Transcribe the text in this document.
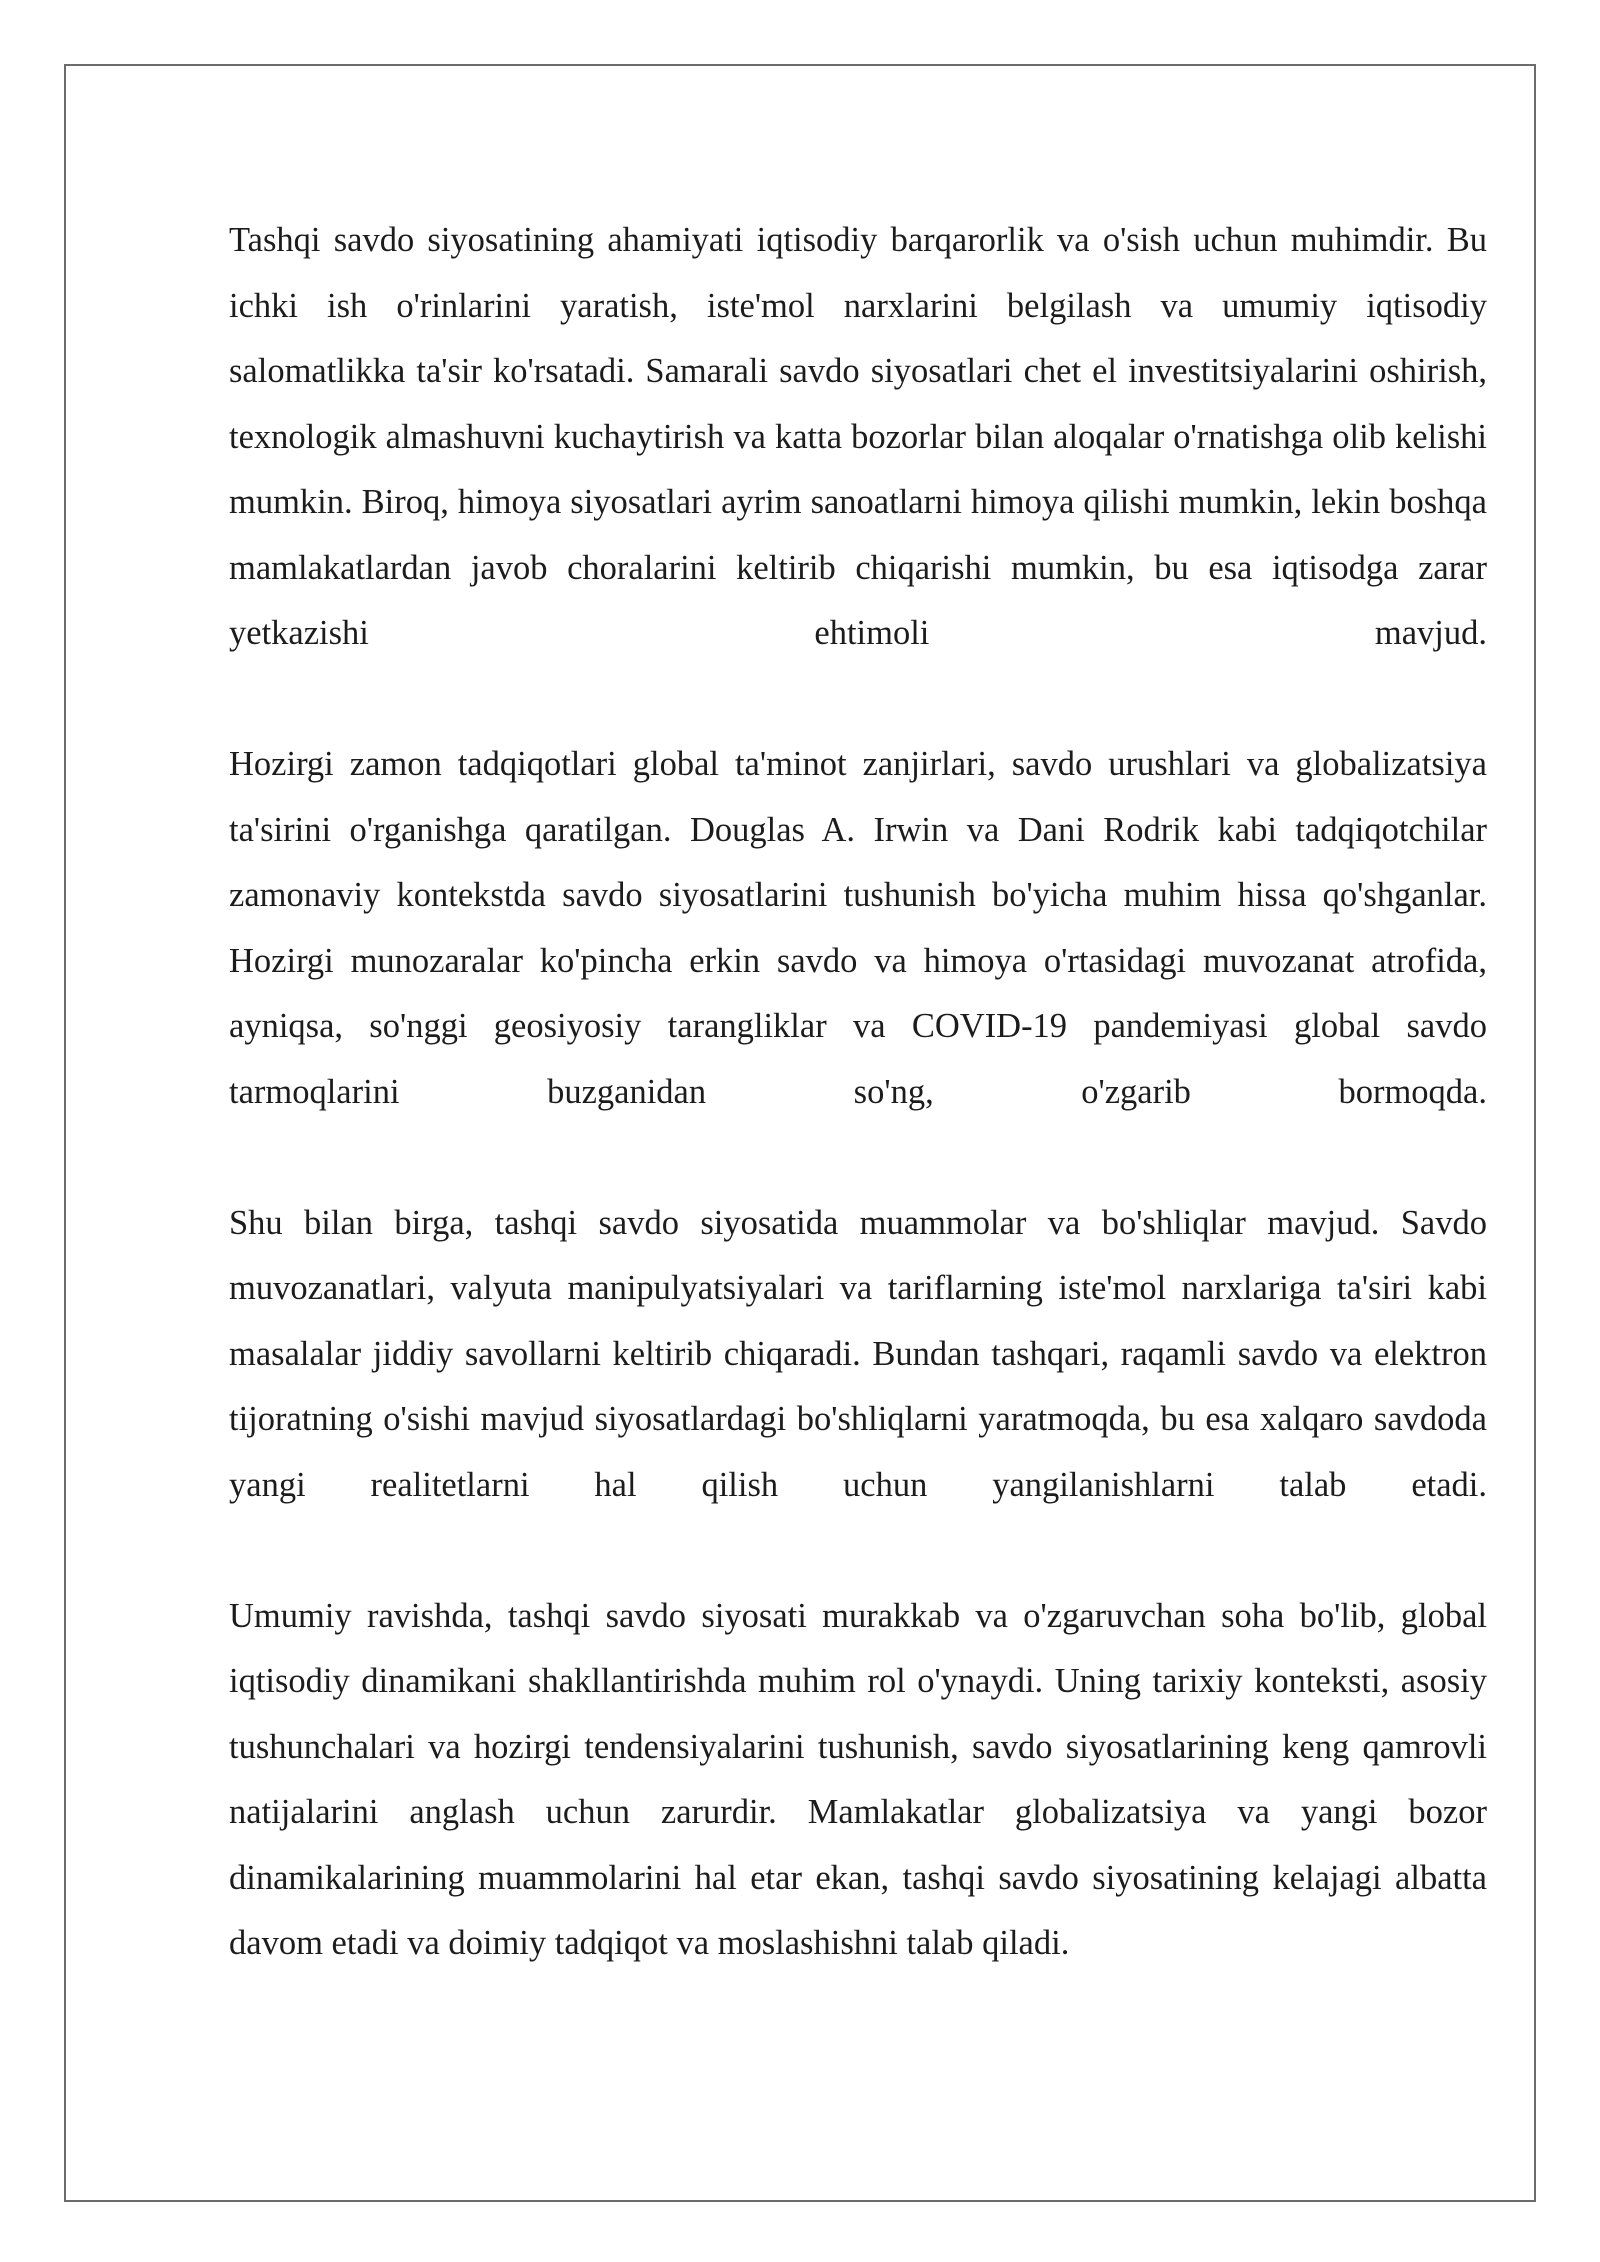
Tashqi savdo siyosatining ahamiyati iqtisodiy barqarorlik va o'sish uchun muhimdir. Bu ichki ish o'rinlarini yaratish, iste'mol narxlarini belgilash va umumiy iqtisodiy salomatlikka ta'sir ko'rsatadi. Samarali savdo siyosatlari chet el investitsiyalarini oshirish, texnologik almashuvni kuchaytirish va katta bozorlar bilan aloqalar o'rnatishga olib kelishi mumkin. Biroq, himoya siyosatlari ayrim sanoatlarni himoya qilishi mumkin, lekin boshqa mamlakatlardan javob choralarini keltirib chiqarishi mumkin, bu esa iqtisodga zarar yetkazishi ehtimoli mavjud.

Hozirgi zamon tadqiqotlari global ta'minot zanjirlari, savdo urushlari va globalizatsiya ta'sirini o'rganishga qaratilgan. Douglas A. Irwin va Dani Rodrik kabi tadqiqotchilar zamonaviy kontekstda savdo siyosatlarini tushunish bo'yicha muhim hissa qo'shganlar. Hozirgi munozaralar ko'pincha erkin savdo va himoya o'rtasidagi muvozanat atrofida, ayniqsa, so'nggi geosiyosiy tarangliklar va COVID-19 pandemiyasi global savdo tarmoqlarini buzganidan so'ng, o'zgarib bormoqda.

Shu bilan birga, tashqi savdo siyosatida muammolar va bo'shliqlar mavjud. Savdo muvozanatlari, valyuta manipulyatsiyalari va tariflarning iste'mol narxlariga ta'siri kabi masalalar jiddiy savollarni keltirib chiqaradi. Bundan tashqari, raqamli savdo va elektron tijoratning o'sishi mavjud siyosatlardagi bo'shliqlarni yaratmoqda, bu esa xalqaro savdoda yangi realitetlarni hal qilish uchun yangilanishlarni talab etadi.

Umumiy ravishda, tashqi savdo siyosati murakkab va o'zgaruvchan soha bo'lib, global iqtisodiy dinamikani shakllantirishda muhim rol o'ynaydi. Uning tarixiy konteksti, asosiy tushunchalari va hozirgi tendensiyalarini tushunish, savdo siyosatlarining keng qamrovli natijalarini anglash uchun zarurdir. Mamlakatlar globalizatsiya va yangi bozor dinamikalarining muammolarini hal etar ekan, tashqi savdo siyosatining kelajagi albatta davom etadi va doimiy tadqiqot va moslashishni talab qiladi.
